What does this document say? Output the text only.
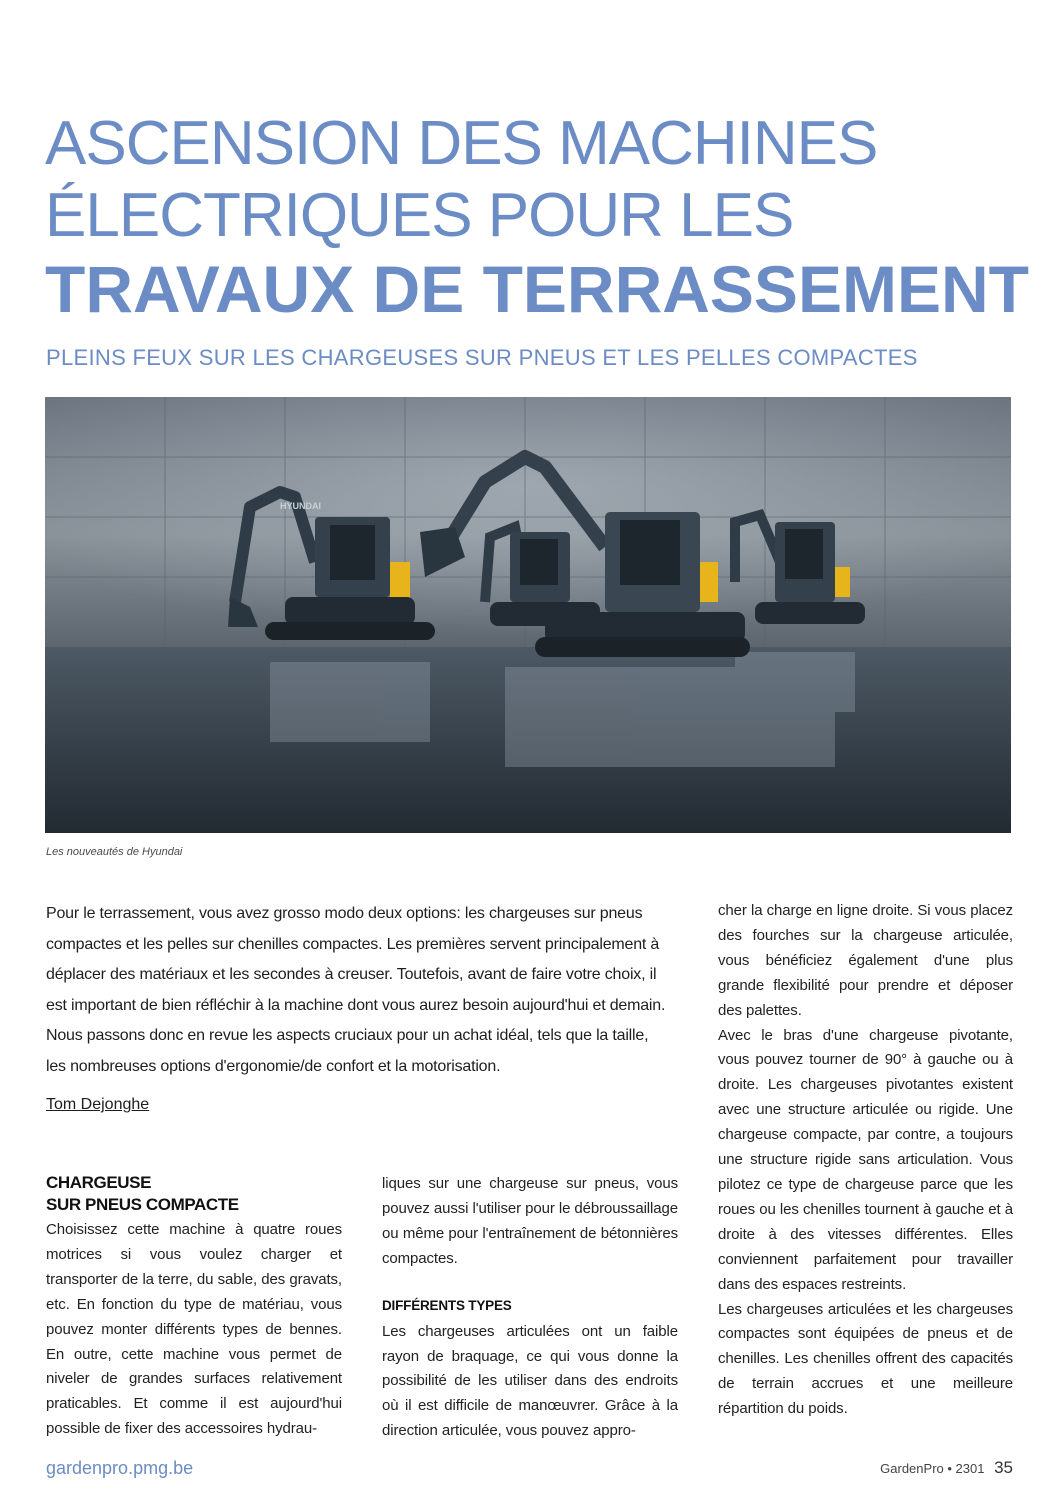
ASCENSION DES MACHINES
ÉLECTRIQUES POUR LES
TRAVAUX DE TERRASSEMENT
PLEINS FEUX SUR LES CHARGEUSES SUR PNEUS ET LES PELLES COMPACTES
HYUNDAI
Les nouveautés de Hyundai
Pour le terrassement, vous avez grosso modo deux options: les chargeuses sur pneus compactes et les pelles sur chenilles compactes. Les premières servent principalement à déplacer des matériaux et les secondes à creuser. Toutefois, avant de faire votre choix, il est important de bien réfléchir à la machine dont vous aurez besoin aujourd'hui et demain. Nous passons donc en revue les aspects cruciaux pour un achat idéal, tels que la taille, les nombreuses options d'ergonomie/de confort et la motorisation.
Tom Dejonghe
CHARGEUSE
SUR PNEUS COMPACTE

Choisissez cette machine à quatre roues motrices si vous voulez charger et transporter de la terre, du sable, des gravats, etc. En fonction du type de matériau, vous pouvez monter différents types de bennes. En outre, cette machine vous permet de niveler de grandes surfaces relativement praticables. Et comme il est aujourd'hui possible de fixer des accessoires hydrau-

liques sur une chargeuse sur pneus, vous pouvez aussi l'utiliser pour le débroussaillage ou même pour l'entraînement de bétonnières compactes.

DIFFÉRENTS TYPES

Les chargeuses articulées ont un faible rayon de braquage, ce qui vous donne la possibilité de les utiliser dans des endroits où il est difficile de manœuvrer. Grâce à la direction articulée, vous pouvez appro-

cher la charge en ligne droite. Si vous placez des fourches sur la chargeuse articulée, vous bénéficiez également d'une plus grande flexibilité pour prendre et déposer des palettes.

Avec le bras d'une chargeuse pivotante, vous pouvez tourner de 90° à gauche ou à droite. Les chargeuses pivotantes existent avec une structure articulée ou rigide. Une chargeuse compacte, par contre, a toujours une structure rigide sans articulation. Vous pilotez ce type de chargeuse parce que les roues ou les chenilles tournent à gauche et à droite à des vitesses différentes. Elles conviennent parfaitement pour travailler dans des espaces restreints.

Les chargeuses articulées et les chargeuses compactes sont équipées de pneus et de chenilles. Les chenilles offrent des capacités de terrain accrues et une meilleure répartition du poids.

gardenpro.pmg.be	GardenPro • 2301 35
